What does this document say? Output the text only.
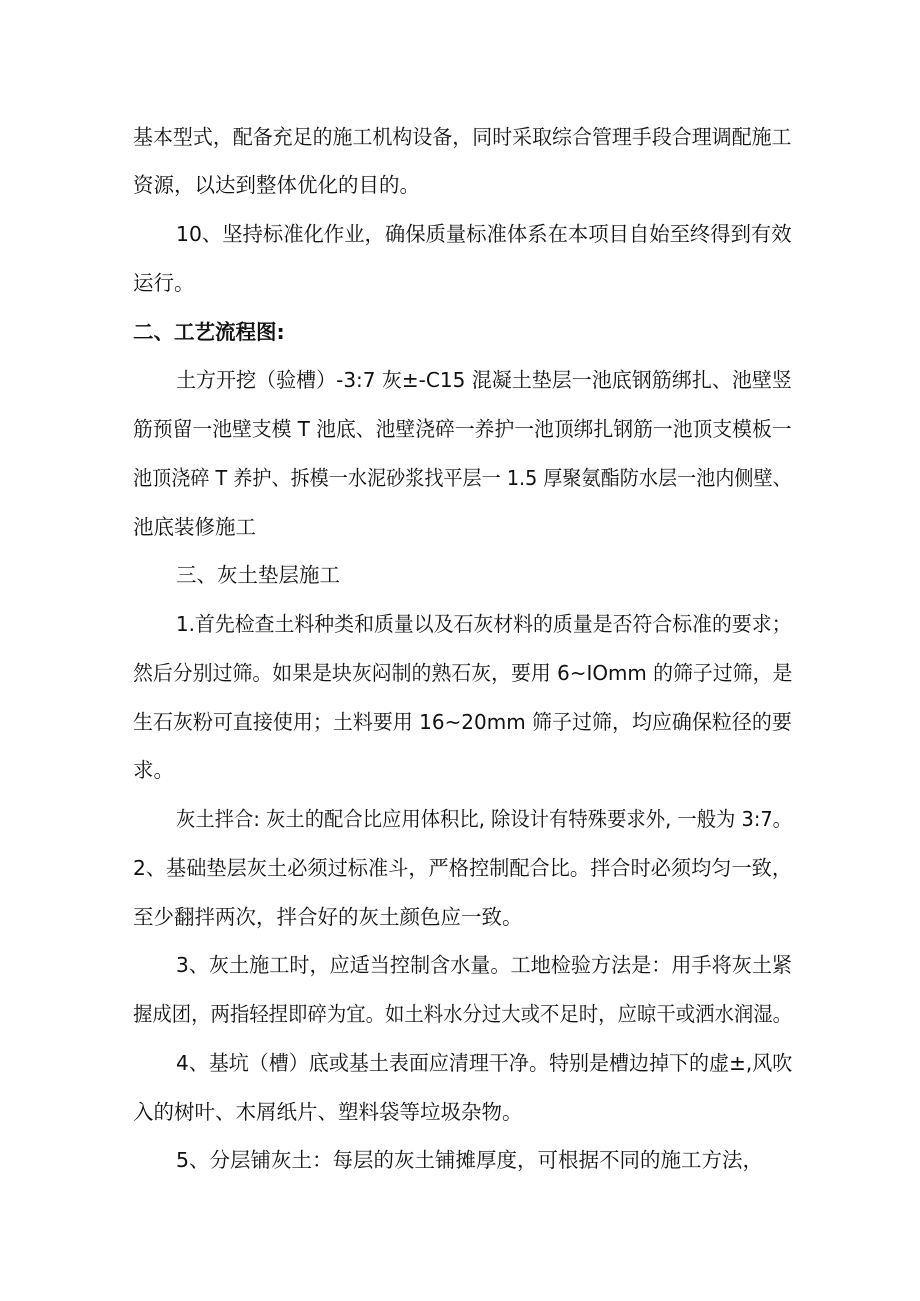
基本型式，配备充足的施工机构设备，同时采取综合管理手段合理调配施工
资源，以达到整体优化的目的。
10、坚持标准化作业，确保质量标准体系在本项目自始至终得到有效
运行。
二、工艺流程图:
土方开挖（验槽）-3:7 灰±-C15 混凝土垫层一池底钢筋绑扎、池壁竖
筋预留一池壁支模 T 池底、池壁浇碎一养护一池顶绑扎钢筋一池顶支模板一
池顶浇碎 T 养护、拆模一水泥砂浆找平层一 1.5 厚聚氨酯防水层一池内侧壁、
池底装修施工
三、灰土垫层施工
1.首先检查土料种类和质量以及石灰材料的质量是否符合标准的要求；
然后分别过筛。如果是块灰闷制的熟石灰，要用 6~IOmm 的筛子过筛，是
生石灰粉可直接使用；土料要用 16~20mm 筛子过筛，均应确保粒径的要
求。
灰土拌合: 灰土的配合比应用体积比, 除设计有特殊要求外, 一般为 3:7。
2、基础垫层灰土必须过标准斗，严格控制配合比。拌合时必须均匀一致，
至少翻拌两次，拌合好的灰土颜色应一致。
3、灰土施工时，应适当控制含水量。工地检验方法是：用手将灰土紧
握成团，两指轻捏即碎为宜。如土料水分过大或不足时，应晾干或洒水润湿。
4、基坑（槽）底或基土表面应清理干净。特别是槽边掉下的虚±,风吹
入的树叶、木屑纸片、塑料袋等垃圾杂物。
5、分层铺灰土：每层的灰土铺摊厚度，可根据不同的施工方法，
